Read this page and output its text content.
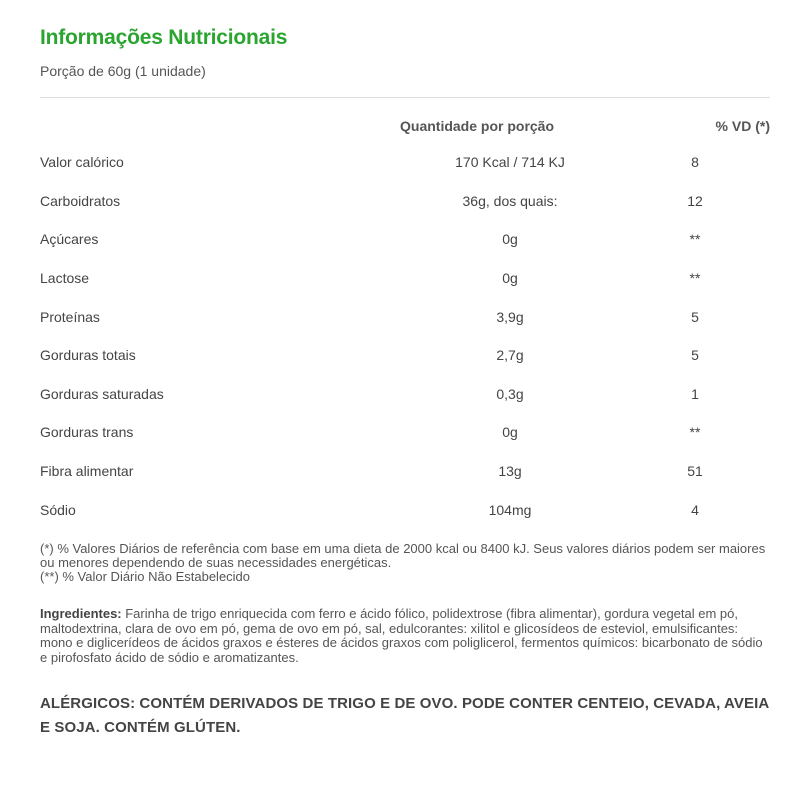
Informações Nutricionais
Porção de 60g (1 unidade)
	Quantidade por porção	% VD (*)
Valor calórico	170 Kcal / 714 KJ	8
Carboidratos	36g, dos quais:	12
Açúcares	0g	**
Lactose	0g	**
Proteínas	3,9g	5
Gorduras totais	2,7g	5
Gorduras saturadas	0,3g	1
Gorduras trans	0g	**
Fibra alimentar	13g	51
Sódio	104mg	4
(*) % Valores Diários de referência com base em uma dieta de 2000 kcal ou 8400 kJ. Seus valores diários podem ser maiores ou menores dependendo de suas necessidades energéticas.
(**) % Valor Diário Não Estabelecido
Ingredientes: Farinha de trigo enriquecida com ferro e ácido fólico, polidextrose (fibra alimentar), gordura vegetal em pó, maltodextrina, clara de ovo em pó, gema de ovo em pó, sal, edulcorantes: xilitol e glicosídeos de esteviol, emulsificantes: mono e diglicerídeos de ácidos graxos e ésteres de ácidos graxos com poliglicerol, fermentos químicos: bicarbonato de sódio e pirofosfato ácido de sódio e aromatizantes.
ALÉRGICOS: CONTÉM DERIVADOS DE TRIGO E DE OVO. PODE CONTER CENTEIO, CEVADA, AVEIA E SOJA. CONTÉM GLÚTEN.
